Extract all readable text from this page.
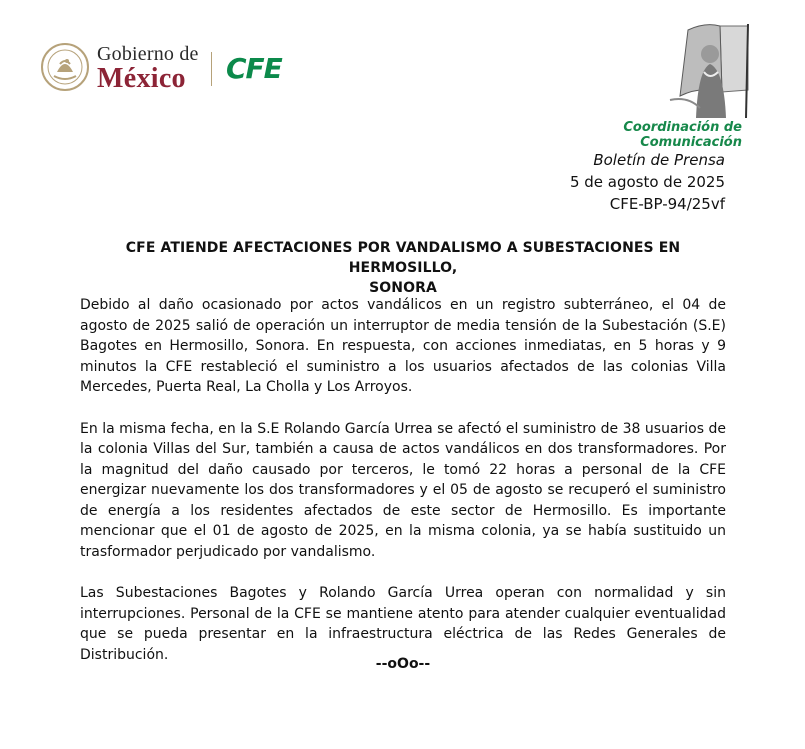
Gobierno de
México	CFE
Coordinación de Comunicación
Boletín de Prensa
5 de agosto de 2025
CFE-BP-94/25vf
CFE ATIENDE AFECTACIONES POR VANDALISMO A SUBESTACIONES EN HERMOSILLO,
SONORA

Debido al daño ocasionado por actos vandálicos en un registro subterráneo, el 04 de agosto de 2025 salió de operación un interruptor de media tensión de la Subestación (S.E) Bagotes en Hermosillo, Sonora. En respuesta, con acciones inmediatas, en 5 horas y 9 minutos la CFE restableció el suministro a los usuarios afectados de las colonias Villa Mercedes, Puerta Real, La Cholla y Los Arroyos.

En la misma fecha, en la S.E Rolando García Urrea se afectó el suministro de 38 usuarios de la colonia Villas del Sur, también a causa de actos vandálicos en dos transformadores. Por la magnitud del daño causado por terceros, le tomó 22 horas a personal de la CFE energizar nuevamente los dos transformadores y el 05 de agosto se recuperó el suministro de energía a los residentes afectados de este sector de Hermosillo. Es importante mencionar que el 01 de agosto de 2025, en la misma colonia, ya se había sustituido un trasformador perjudicado por vandalismo.

Las Subestaciones Bagotes y Rolando García Urrea operan con normalidad y sin interrupciones. Personal de la CFE se mantiene atento para atender cualquier eventualidad que se pueda presentar en la infraestructura eléctrica de las Redes Generales de Distribución.

--oOo--
